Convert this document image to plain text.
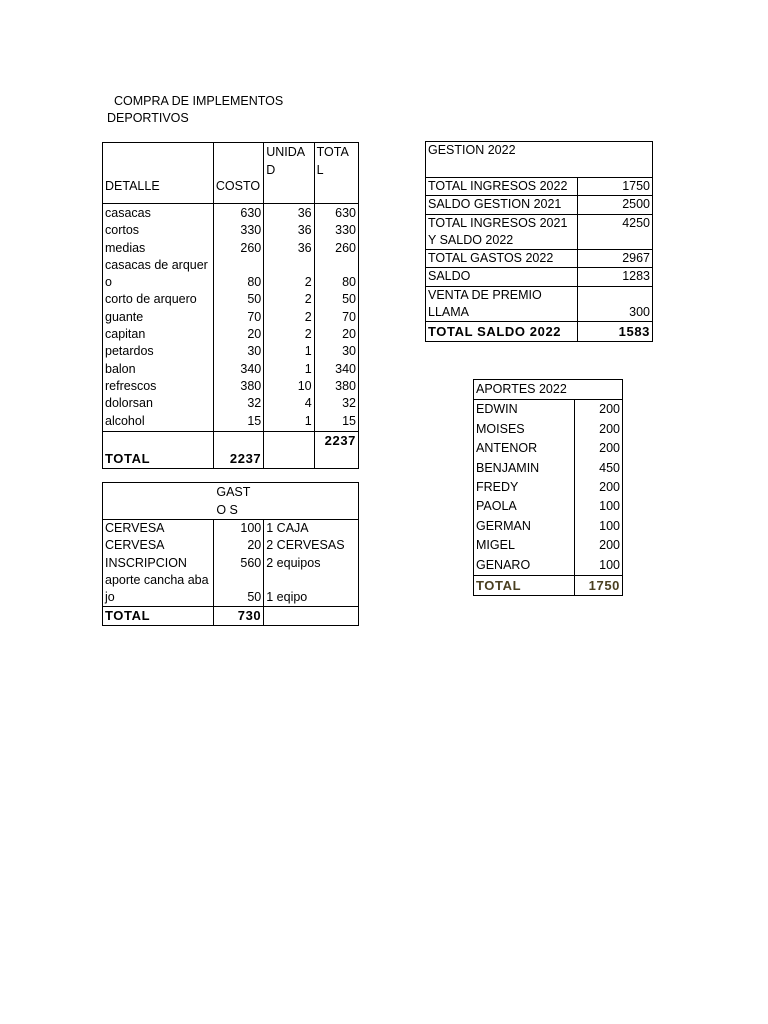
COMPRA DE IMPLEMENTOS
DEPORTIVOS
DETALLE	COSTO	UNIDA D	TOTA L
casacas	630	36	630
cortos	330	36	330
medias	260	36	260
casacas de arquero	80	2	80
corto de arquero	50	2	50
guante	70	2	70
capitan	20	2	20
petardos	30	1	30
balon	340	1	340
refrescos	380	10	380
dolorsan	32	4	32
alcohol	15	1	15
TOTAL	2237		2237
	GASTO S	
CERVESA	100	1 CAJA
CERVESA	20	2 CERVESAS
INSCRIPCION	560	2 equipos
aporte cancha abajo	50	1 eqipo
TOTAL	730	
GESTION 2022	
TOTAL INGRESOS 2022	1750
SALDO GESTION 2021	2500
TOTAL INGRESOS 2021 Y SALDO 2022	4250
TOTAL GASTOS 2022	2967
SALDO	1283
VENTA DE PREMIO LLAMA	300
TOTAL SALDO 2022	1583
APORTES 2022	
EDWIN	200
MOISES	200
ANTENOR	200
BENJAMIN	450
FREDY	200
PAOLA	100
GERMAN	100
MIGEL	200
GENARO	100
TOTAL	1750
